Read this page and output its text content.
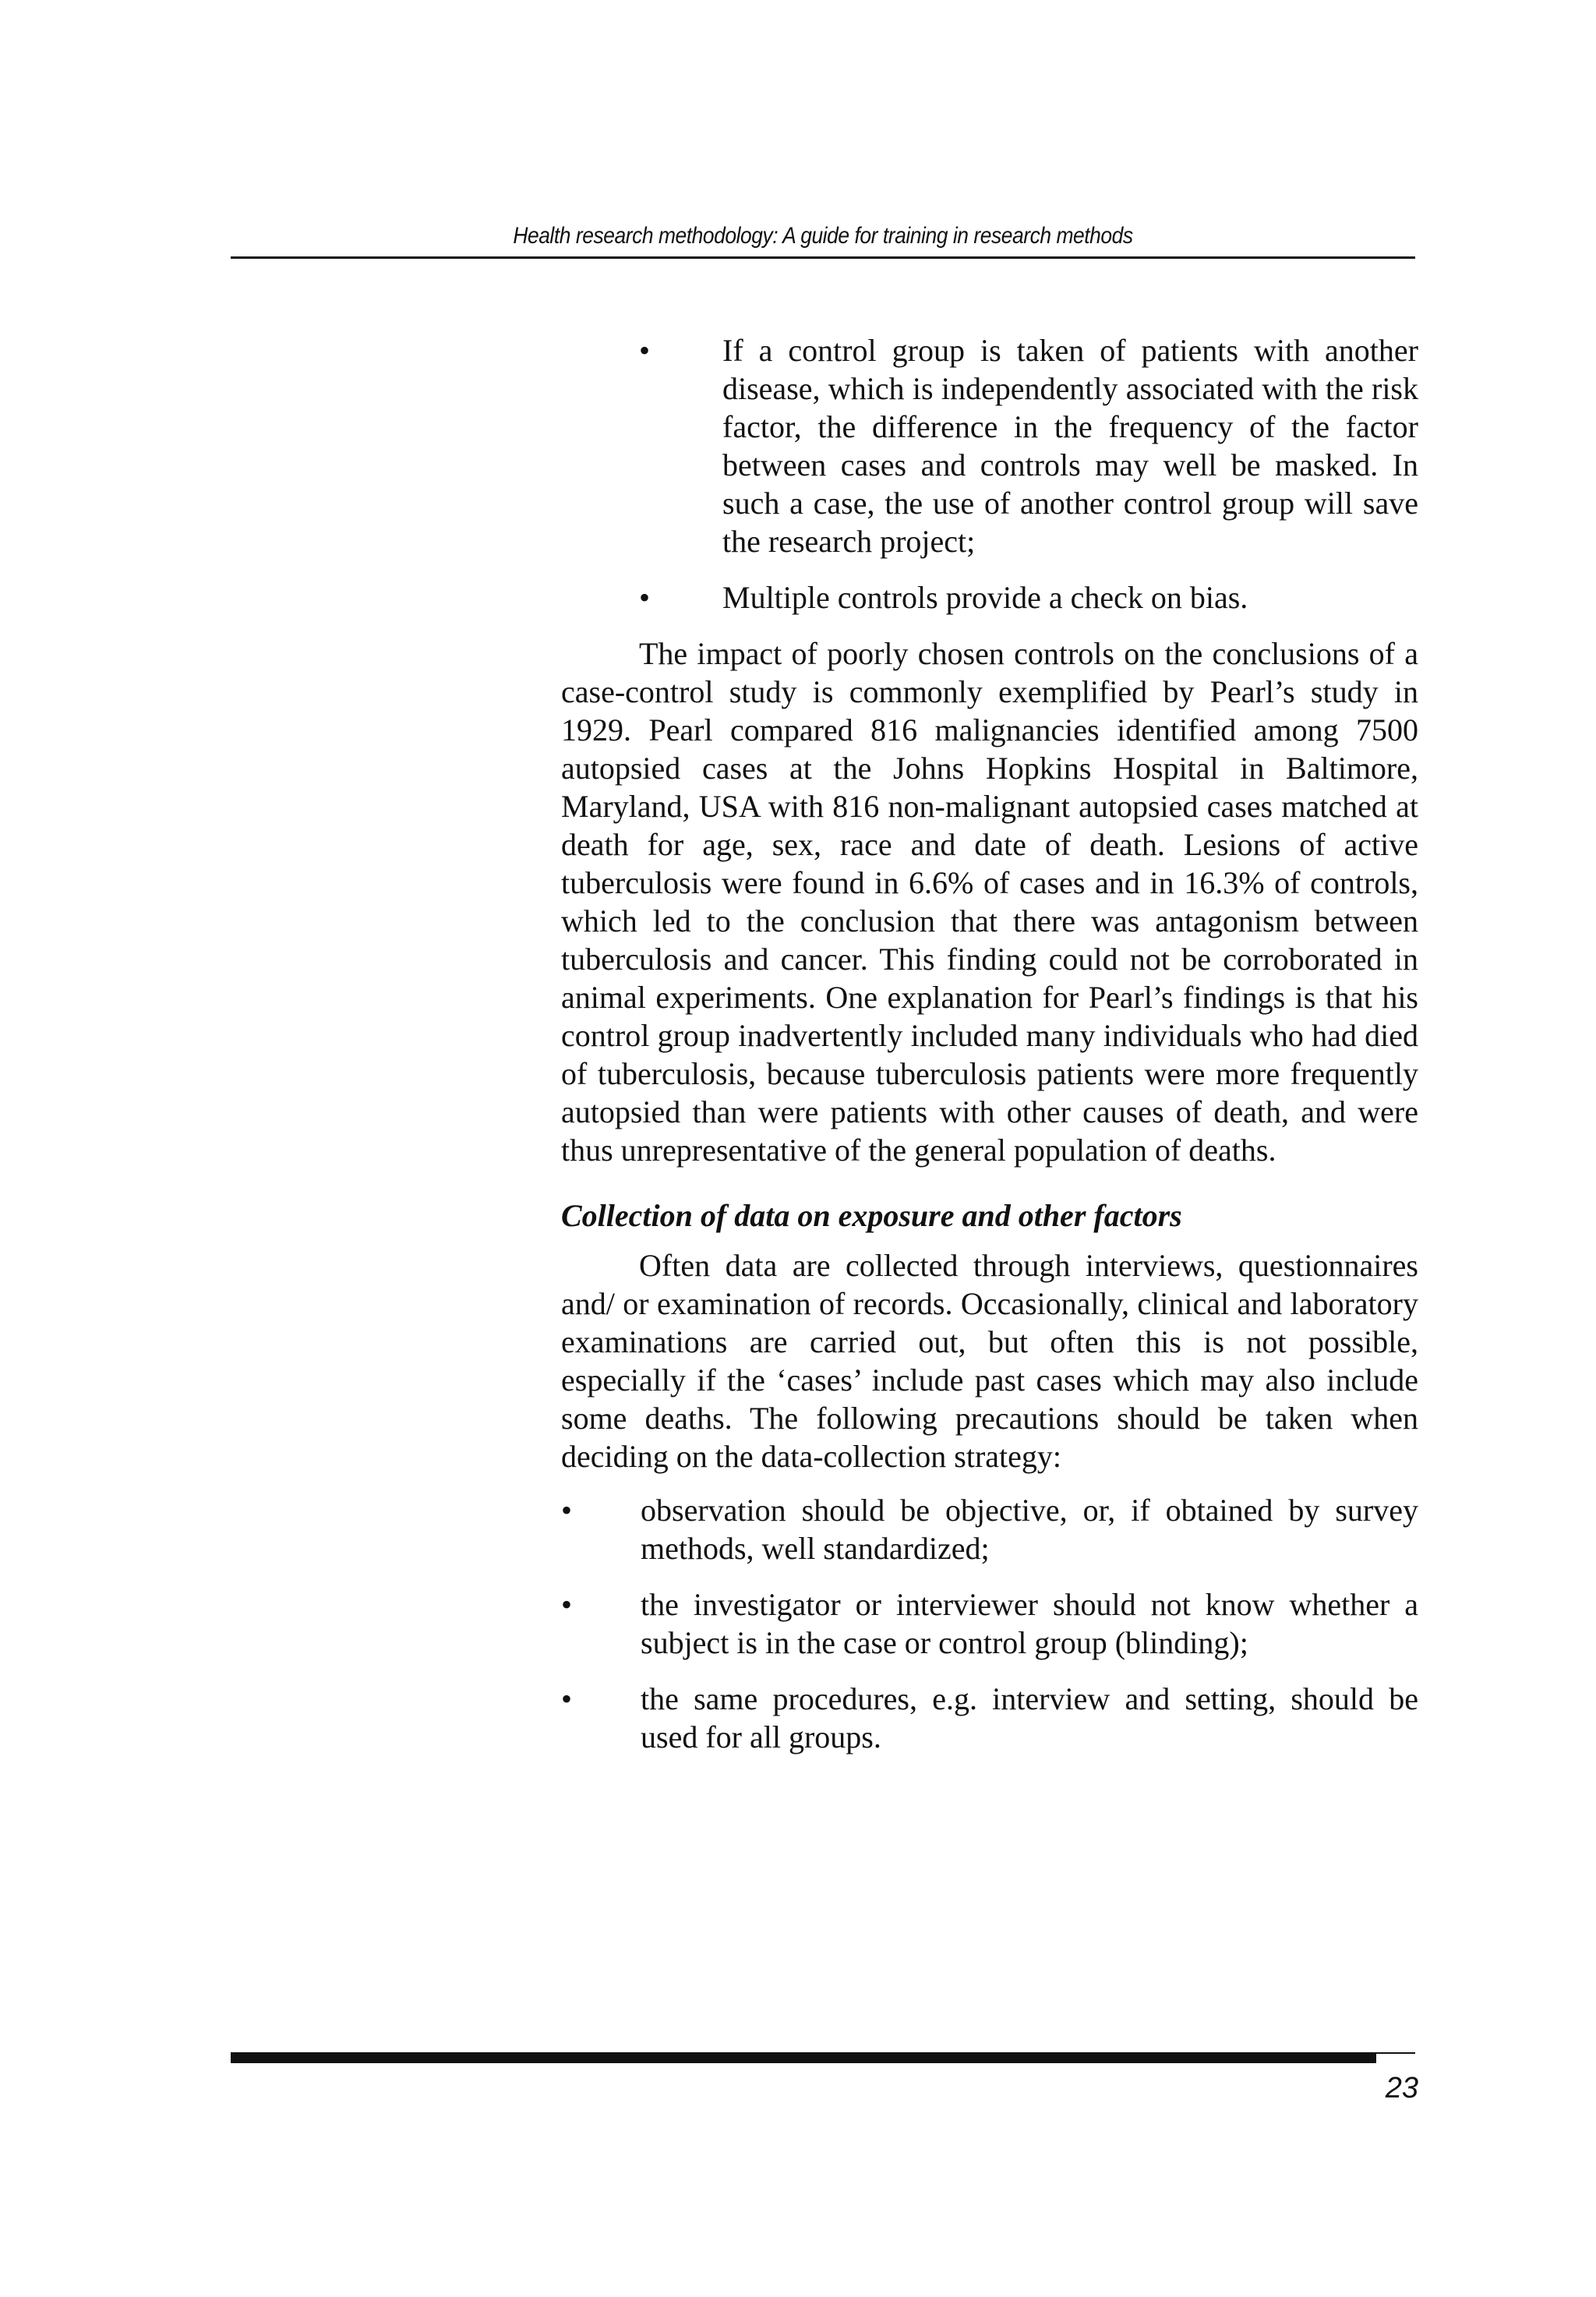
Health research methodology: A guide for training in research methods
•	If a control group is taken of patients with another disease, which is independently associated with the risk factor, the difference in the frequency of the factor between cases and controls may well be masked. In such a case, the use of another control group will save the research project;
•	Multiple controls provide a check on bias.

The impact of poorly chosen controls on the conclusions of a case-control study is commonly exemplified by Pearl’s study in 1929. Pearl compared 816 malignancies identified among 7500 autopsied cases at the Johns Hopkins Hospital in Baltimore, Maryland, USA with 816 non-malignant autopsied cases matched at death for age, sex, race and date of death. Lesions of active tuberculosis were found in 6.6% of cases and in 16.3% of controls, which led to the conclusion that there was antagonism between tuberculosis and cancer. This finding could not be corroborated in animal experiments. One explanation for Pearl’s findings is that his control group inadvertently included many individuals who had died of tuberculosis, because tuberculosis patients were more frequently autopsied than were patients with other causes of death, and were thus unrepresentative of the general population of deaths.

Collection of data on exposure and other factors

Often data are collected through interviews, questionnaires and/ or examination of records. Occasionally, clinical and laboratory examinations are carried out, but often this is not possible, especially if the ‘cases’ include past cases which may also include some deaths. The following precautions should be taken when deciding on the data-collection strategy:

•	observation should be objective, or, if obtained by survey methods, well standardized;
•	the investigator or interviewer should not know whether a subject is in the case or control group (blinding);
•	the same procedures, e.g. interview and setting, should be used for all groups.
23
